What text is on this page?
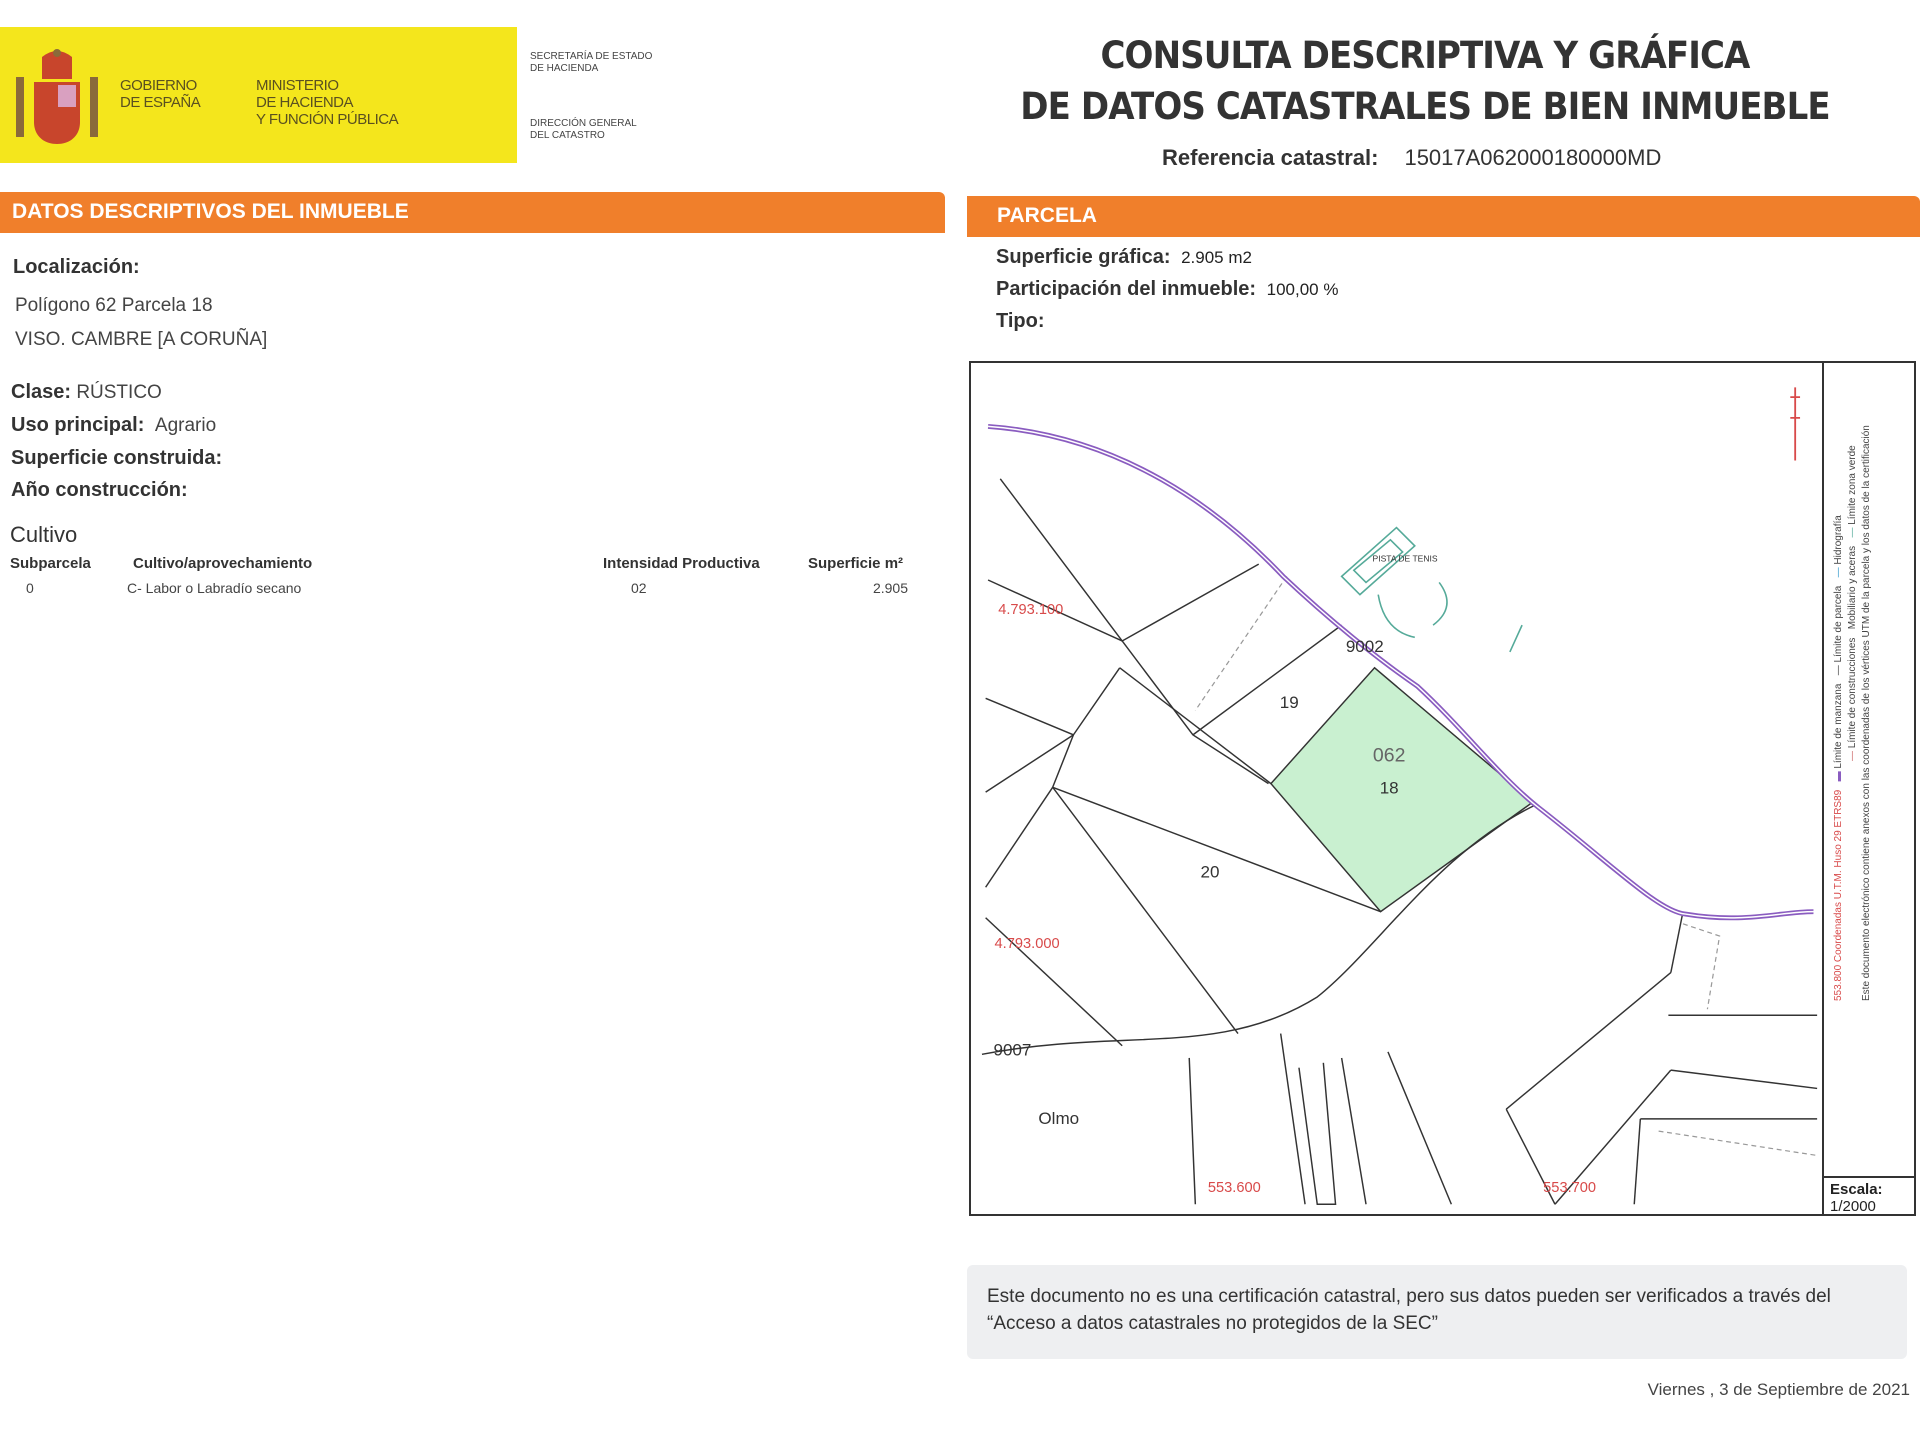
GOBIERNO
DE ESPAÑA
MINISTERIO
DE HACIENDA
Y FUNCIÓN PÚBLICA
SECRETARÍA DE ESTADO
DE HACIENDA
DIRECCIÓN GENERAL
DEL CATASTRO
CONSULTA DESCRIPTIVA Y GRÁFICA
DE DATOS CATASTRALES DE BIEN INMUEBLE
Referencia catastral: 15017A062000180000MD
DATOS DESCRIPTIVOS DEL INMUEBLE	PARCELA
Localización:
Polígono 62 Parcela 18
VISO. CAMBRE [A CORUÑA]
Clase: RÚSTICO
Uso principal: Agrario
Superficie construida:
Año construcción:
Cultivo
Subparcela	Cultivo/aprovechamiento	Intensidad Productiva	Superficie m²
0	C- Labor o Labradío secano	02	2.905
Superficie gráfica: 2.905 m2
Participación del inmueble: 100,00 %
Tipo:
19
062
18
20
9002
9007
Olmo
PISTA DE TENIS
4.793.100
4.793.000
553.600	553.700
553.800 Coordenadas U.T.M. Huso 29 ETRS89   ▬ Límite de manzana   — Límite de parcela   — Hidrografía
— Límite de construcciones   Mobiliario y aceras   — Límite zona verde Este documento electrónico contiene anexos con las coordenadas de los vértices UTM de la parcela y los datos de la certificación
Escala:
1/2000
Este documento no es una certificación catastral, pero sus datos pueden ser verificados a través del “Acceso a datos catastrales no protegidos de la SEC”
Viernes , 3 de Septiembre de 2021
